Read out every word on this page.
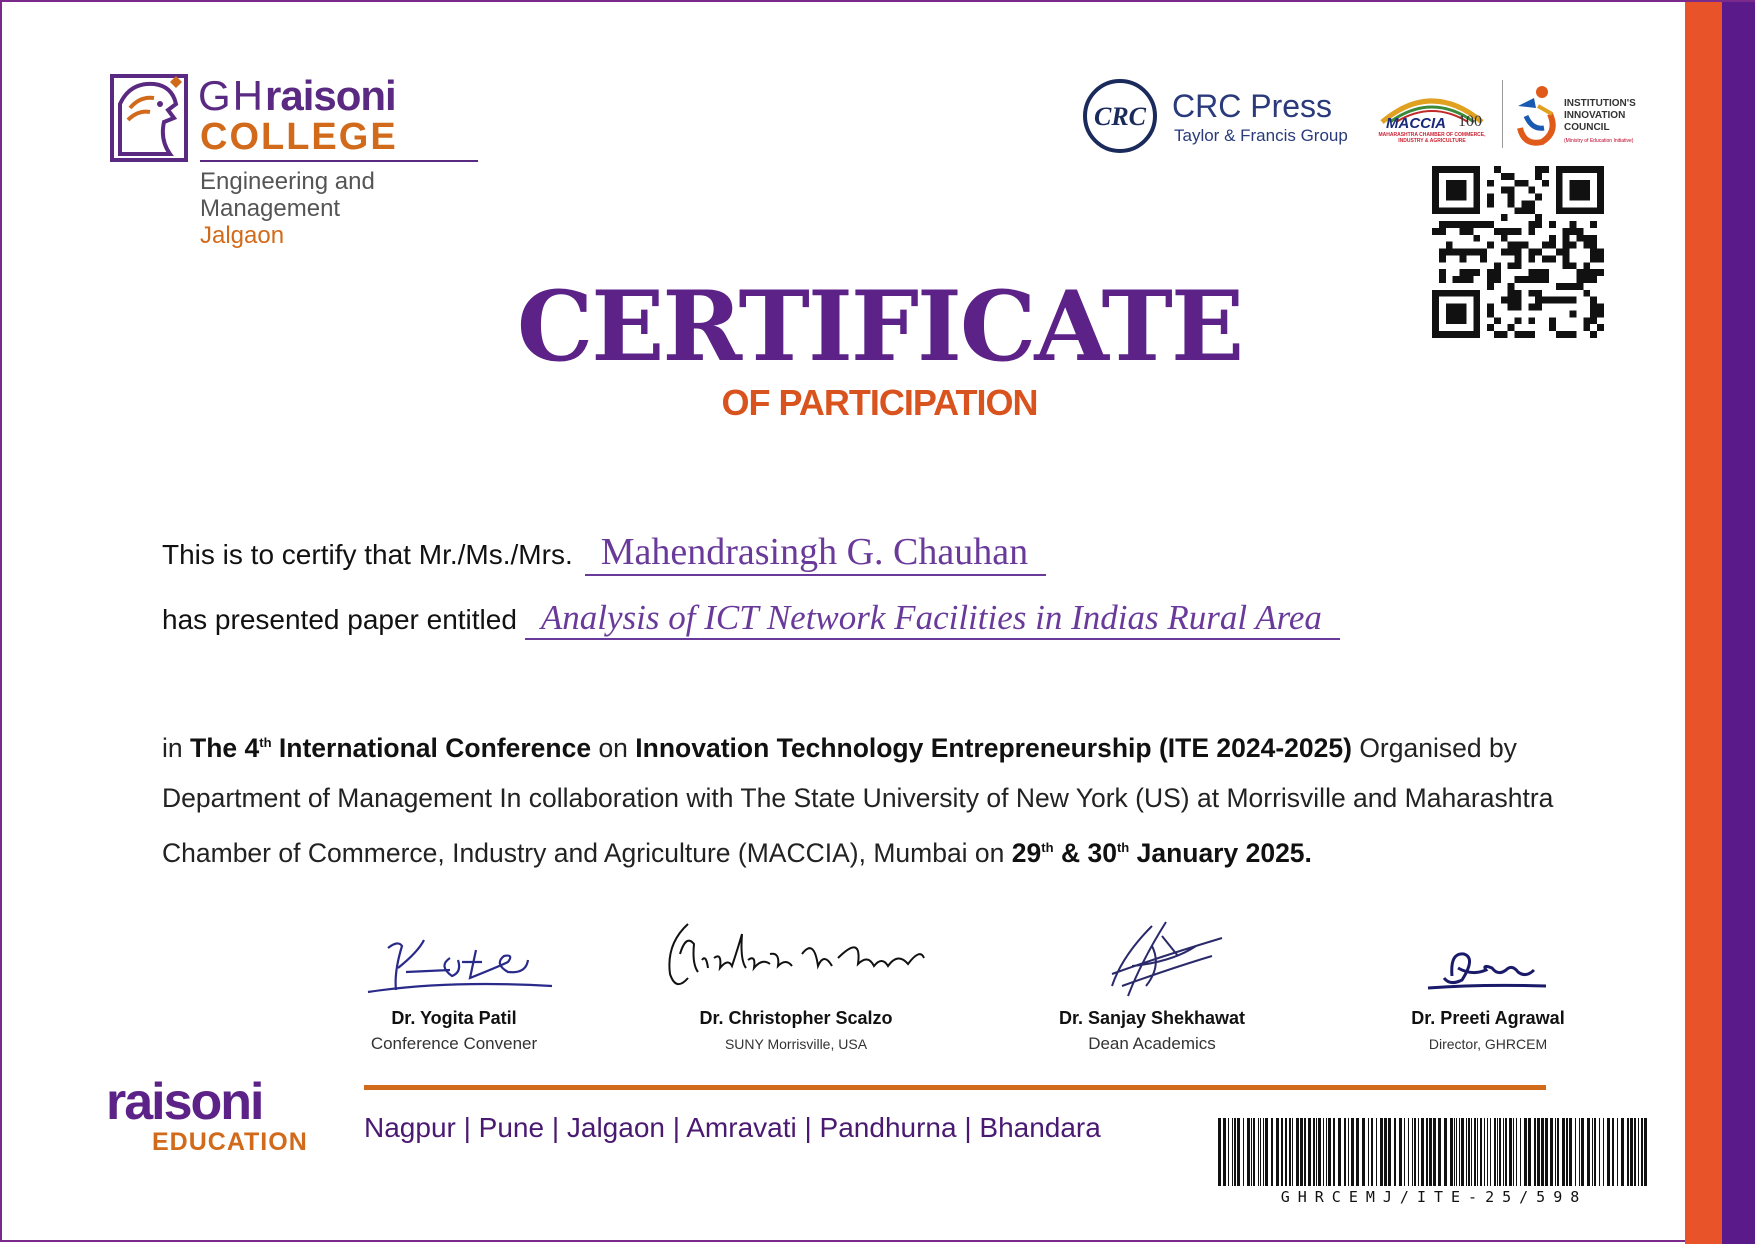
GHraisoni
COLLEGE
Engineering and
Management
Jalgaon
CRC CRC Press
Taylor & Francis Group
MACCIA 100
MAHARASHTRA CHAMBER OF COMMERCE, INDUSTRY & AGRICULTURE
INSTITUTION'S
INNOVATION
COUNCIL
(Ministry of Education Initiative)
CERTIFICATE
OF PARTICIPATION
This is to certify that Mr./Ms./Mrs. Mahendrasingh G. Chauhan
has presented paper entitled Analysis of ICT Network Facilities in Indias Rural Area
in The 4th International Conference on Innovation Technology Entrepreneurship (ITE 2024-2025) Organised by Department of Management In collaboration with The State University of New York (US) at Morrisville and Maharashtra Chamber of Commerce, Industry and Agriculture (MACCIA), Mumbai on 29th & 30th January 2025.
Dr. Yogita Patil
Conference Convener
Dr. Christopher Scalzo
SUNY Morrisville, USA
Dr. Sanjay Shekhawat
Dean Academics
Dr. Preeti Agrawal
Director, GHRCEM
raisoni
EDUCATION Nagpur | Pune | Jalgaon | Amravati | Pandhurna | Bhandara
GHRCEMJ/ITE-25/598
